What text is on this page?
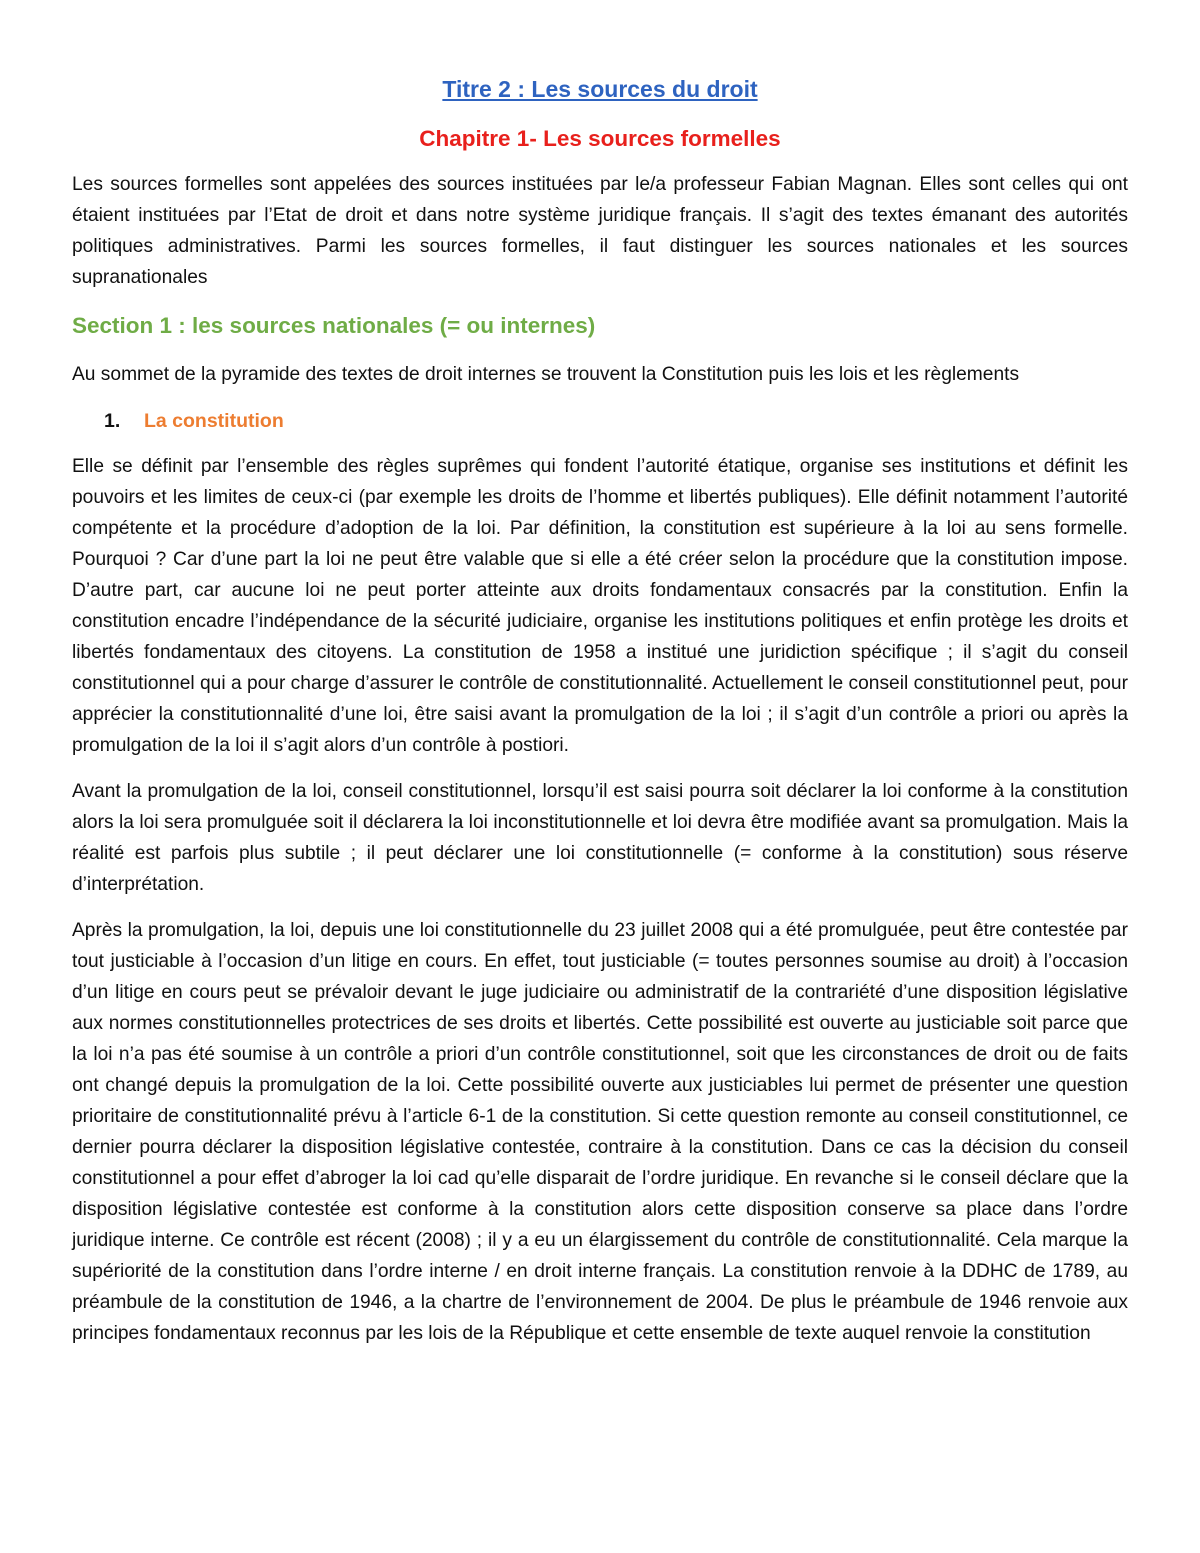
Titre 2 : Les sources du droit
Chapitre 1- Les sources formelles

Les sources formelles sont appelées des sources instituées par le/a professeur Fabian Magnan. Elles sont celles qui ont étaient instituées par l’Etat de droit et dans notre système juridique français. Il s’agit des textes émanant des autorités politiques administratives. Parmi les sources formelles, il faut distinguer les sources nationales et les sources supranationales

Section 1 : les sources nationales (= ou internes)

Au sommet de la pyramide des textes de droit internes se trouvent la Constitution puis les lois et les règlements

1.	La constitution

Elle se définit par l’ensemble des règles suprêmes qui fondent l’autorité étatique, organise ses institutions et définit les pouvoirs et les limites de ceux-ci (par exemple les droits de l’homme et libertés publiques). Elle définit notamment l’autorité compétente et la procédure d’adoption de la loi. Par définition, la constitution est supérieure à la loi au sens formelle. Pourquoi ? Car d’une part la loi ne peut être valable que si elle a été créer selon la procédure que la constitution impose. D’autre part, car aucune loi ne peut porter atteinte aux droits fondamentaux consacrés par la constitution. Enfin la constitution encadre l’indépendance de la sécurité judiciaire, organise les institutions politiques et enfin protège les droits et libertés fondamentaux des citoyens. La constitution de 1958 a institué une juridiction spécifique ; il s’agit du conseil constitutionnel qui a pour charge d’assurer le contrôle de constitutionnalité. Actuellement le conseil constitutionnel peut, pour apprécier la constitutionnalité d’une loi, être saisi avant la promulgation de la loi ; il s’agit d’un contrôle a priori ou après la promulgation de la loi il s’agit alors d’un contrôle à postiori.

Avant la promulgation de la loi, conseil constitutionnel, lorsqu’il est saisi pourra soit déclarer la loi conforme à la constitution alors la loi sera promulguée soit il déclarera la loi inconstitutionnelle et loi devra être modifiée avant sa promulgation. Mais la réalité est parfois plus subtile ; il peut déclarer une loi constitutionnelle (= conforme à la constitution) sous réserve d’interprétation.

Après la promulgation, la loi, depuis une loi constitutionnelle du 23 juillet 2008 qui a été promulguée, peut être contestée par tout justiciable à l’occasion d’un litige en cours. En effet, tout justiciable (= toutes personnes soumise au droit) à l’occasion d’un litige en cours peut se prévaloir devant le juge judiciaire ou administratif de la contrariété d’une disposition législative aux normes constitutionnelles protectrices de ses droits et libertés. Cette possibilité est ouverte au justiciable soit parce que la loi n’a pas été soumise à un contrôle a priori d’un contrôle constitutionnel, soit que les circonstances de droit ou de faits ont changé depuis la promulgation de la loi. Cette possibilité ouverte aux justiciables lui permet de présenter une question prioritaire de constitutionnalité prévu à l’article 6-1 de la constitution. Si cette question remonte au conseil constitutionnel, ce dernier pourra déclarer la disposition législative contestée, contraire à la constitution. Dans ce cas la décision du conseil constitutionnel a pour effet d’abroger la loi cad qu’elle disparait de l’ordre juridique. En revanche si le conseil déclare que la disposition législative contestée est conforme à la constitution alors cette disposition conserve sa place dans l’ordre juridique interne. Ce contrôle est récent (2008) ; il y a eu un élargissement du contrôle de constitutionnalité. Cela marque la supériorité de la constitution dans l’ordre interne / en droit interne français. La constitution renvoie à la DDHC de 1789, au préambule de la constitution de 1946, a la chartre de l’environnement de 2004. De plus le préambule de 1946 renvoie aux principes fondamentaux reconnus par les lois de la République et cette ensemble de texte auquel renvoie la constitution
